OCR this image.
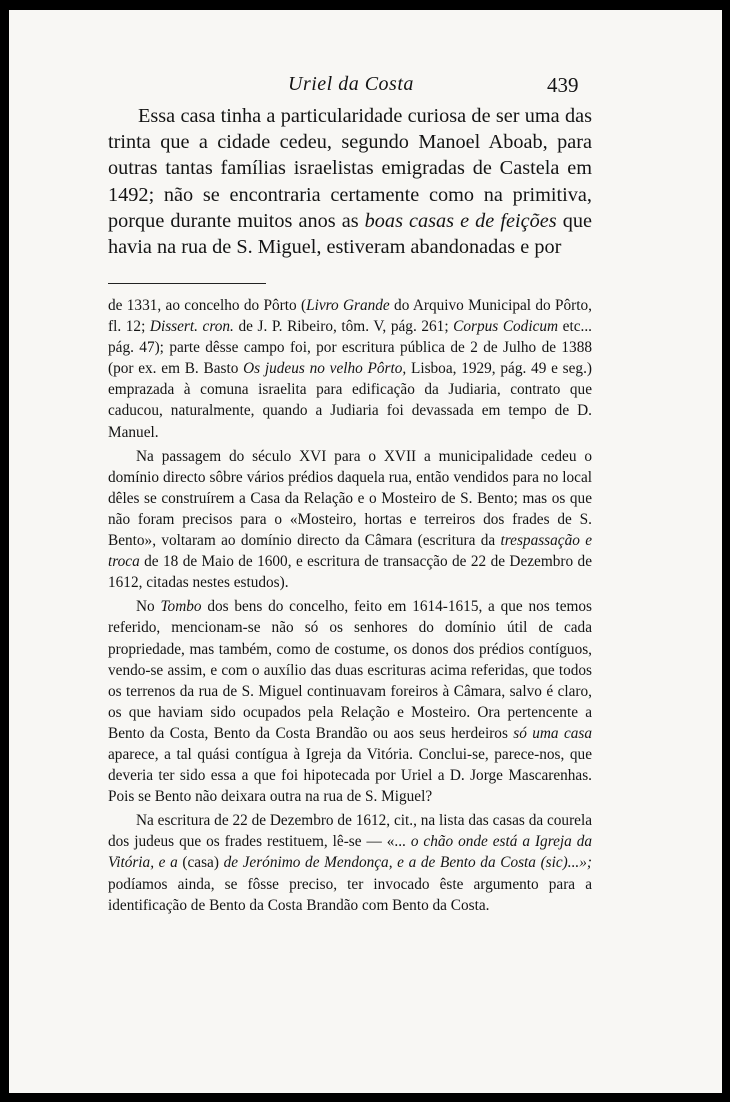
Uriel da Costa	439

Essa casa tinha a particularidade curiosa de ser uma das trinta que a cidade cedeu, segundo Manoel Aboab, para outras tantas famílias israelistas emigradas de Castela em 1492; não se encontraria certamente como na primitiva, porque durante muitos anos as boas casas e de feições que havia na rua de S. Miguel, estiveram abandonadas e por

de 1331, ao concelho do Pôrto (Livro Grande do Arquivo Municipal do Pôrto, fl. 12; Dissert. cron. de J. P. Ribeiro, tôm. V, pág. 261; Corpus Codicum etc... pág. 47); parte dêsse campo foi, por escritura pública de 2 de Julho de 1388 (por ex. em B. Basto Os judeus no velho Pôrto, Lisboa, 1929, pág. 49 e seg.) emprazada à comuna israelita para edificação da Judiaria, contrato que caducou, naturalmente, quando a Judiaria foi devassada em tempo de D. Manuel.

Na passagem do século XVI para o XVII a municipalidade cedeu o domínio directo sôbre vários prédios daquela rua, então vendidos para no local dêles se construírem a Casa da Relação e o Mosteiro de S. Bento; mas os que não foram precisos para o «Mosteiro, hortas e terreiros dos frades de S. Bento», voltaram ao domínio directo da Câmara (escritura da trespassação e troca de 18 de Maio de 1600, e escritura de transacção de 22 de Dezembro de 1612, citadas nestes estudos).

No Tombo dos bens do concelho, feito em 1614-1615, a que nos temos referido, mencionam-se não só os senhores do domínio útil de cada propriedade, mas também, como de costume, os donos dos prédios contíguos, vendo-se assim, e com o auxílio das duas escrituras acima referidas, que todos os terrenos da rua de S. Miguel continuavam foreiros à Câmara, salvo é claro, os que haviam sido ocupados pela Relação e Mosteiro. Ora pertencente a Bento da Costa, Bento da Costa Brandão ou aos seus herdeiros só uma casa aparece, a tal quási contígua à Igreja da Vitória. Conclui-se, parece-nos, que deveria ter sido essa a que foi hipotecada por Uriel a D. Jorge Mascarenhas. Pois se Bento não deixara outra na rua de S. Miguel?

Na escritura de 22 de Dezembro de 1612, cit., na lista das casas da courela dos judeus que os frades restituem, lê-se — «... o chão onde está a Igreja da Vitória, e a (casa) de Jerónimo de Mendonça, e a de Bento da Costa (sic)...»; podíamos ainda, se fôsse preciso, ter invocado êste argumento para a identificação de Bento da Costa Brandão com Bento da Costa.
